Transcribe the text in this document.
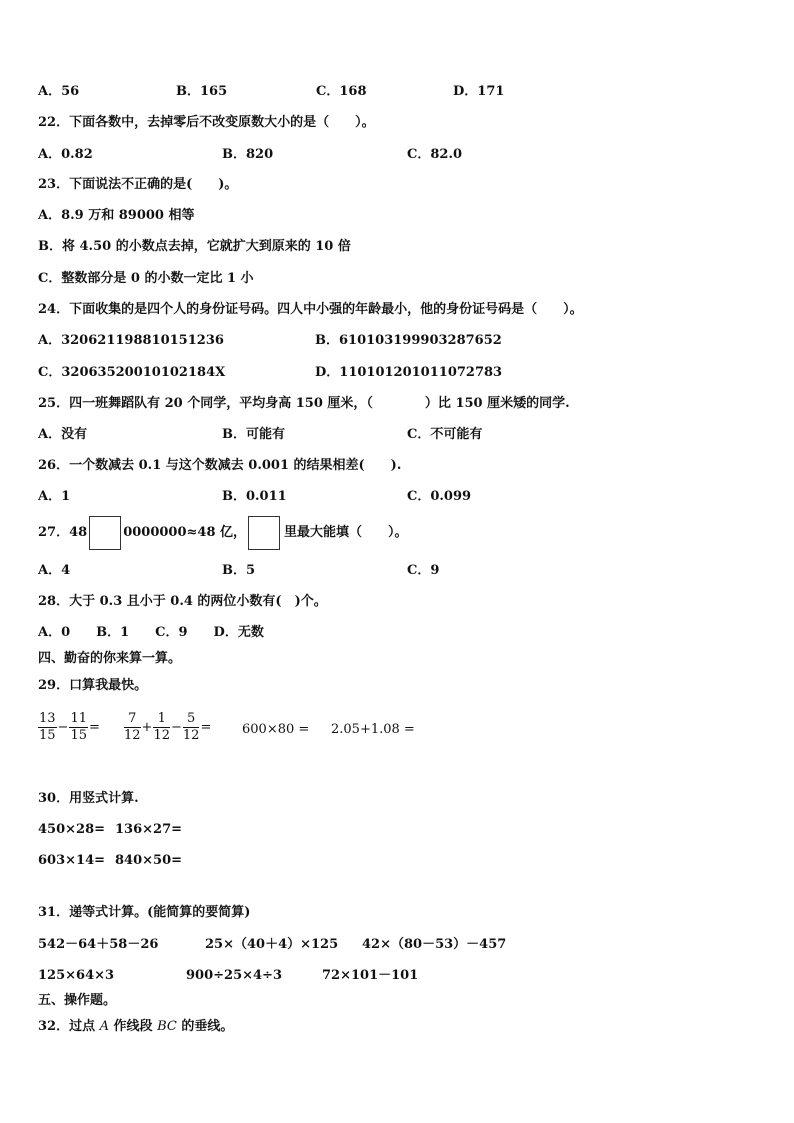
A．56	B．165	C．168	D．171
22．下面各数中，去掉零后不改变原数大小的是（　　）。
A．0.82	B．820	C．82.0
23．下面说法不正确的是(　　)。
A．8.9 万和 89000 相等
B．将 4.50 的小数点去掉，它就扩大到原来的 10 倍
C．整数部分是 0 的小数一定比 1 小
24．下面收集的是四个人的身份证号码。四人中小强的年龄最小，他的身份证号码是（　　）。
A．320621198810151236	B．610103199903287652
C．32063520010102184X	D．110101201011072783
25．四一班舞蹈队有 20 个同学，平均身高 150 厘米，（　　　　）比 150 厘米矮的同学.
A．没有	B．可能有	C．不可能有
26．一个数减去 0.1 与这个数减去 0.001 的结果相差(　　).
A．1	B．0.011	C．0.099
27．48	0000000≈48 亿，	里最大能填（　　）。
A．4	B．5	C．9
28．大于 0.3 且小于 0.4 的两位小数有(　)个。
A．0　　B．1　　C．9　　D．无数
四、勤奋的你来算一算。
29．口算我最快。
$\frac{13}{15} - \frac{11}{15} = \frac{7}{12} + \frac{1}{12} - \frac{5}{12} = 600\times 80 = 2.05+1.08$ =
30．用竖式计算.
450×28= 136×27=
603×14= 840×50=
31．递等式计算。(能简算的要简算)
542－64＋58－26	25×（40＋4）×125 42×（80－53）－457
125×64×3	900÷25×4÷3	72×101－101
五、操作题。
32．过点 A 作线段 BC 的垂线。
